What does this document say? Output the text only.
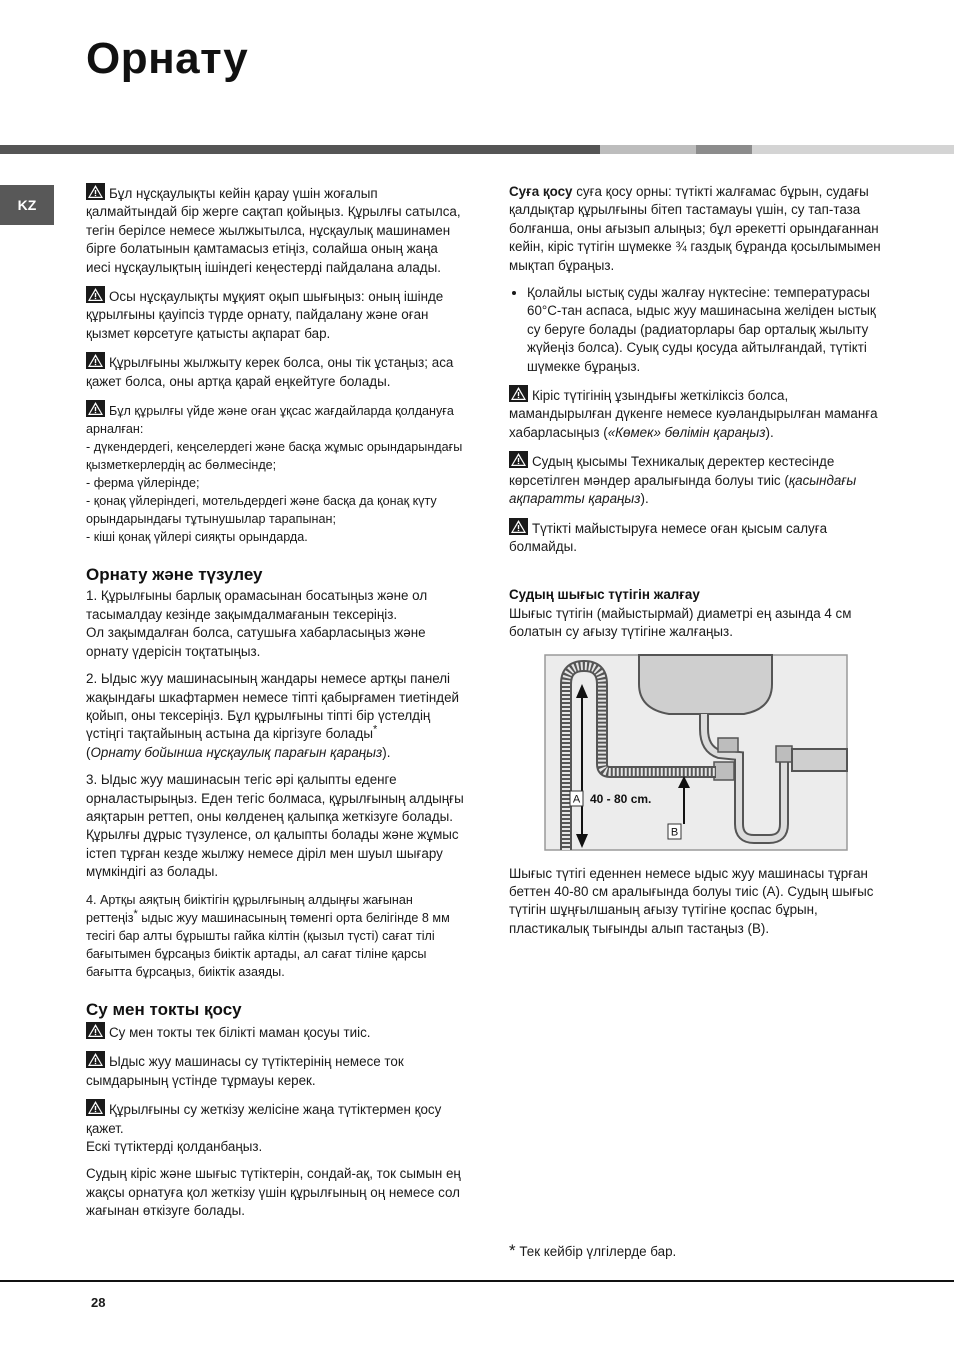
Орнату
KZ

Бұл нұсқаулықты кейін қарау үшін жоғалып қалмайтындай бір жерге сақтап қойыңыз. Құрылғы сатылса, тегін берілсе немесе жылжытылса, нұсқаулық машинамен бірге болатынын қамтамасыз етіңіз, солайша оның жаңа иесі нұсқаулықтың ішіндегі кеңестерді пайдалана алады.

Осы нұсқаулықты мұқият оқып шығыңыз: оның ішінде құрылғыны қауіпсіз түрде орнату, пайдалану және оған қызмет көрсетуге қатысты ақпарат бар.

Құрылғыны жылжыту керек болса, оны тік ұстаңыз; аса қажет болса, оны артқа қарай еңкейтуге болады.

Бұл құрылғы үйде және оған ұқсас жағдайларда қолдануға арналған:
- дүкендердегі, кеңселердегі және басқа жұмыс орындарындағы қызметкерлердің ас бөлмесінде;
- ферма үйлерінде;
- қонақ үйлеріндегі, мотельдердегі және басқа да қонақ күту орындарындағы тұтынушылар тарапынан;
- кіші қонақ үйлері сияқты орындарда.
Орнату және түзулеу

1. Құрылғыны барлық орамасынан босатыңыз және ол тасымалдау кезінде зақымдалмағанын тексеріңіз.
Ол зақымдалған болса, сатушыға хабарласыңыз және орнату үдерісін тоқтатыңыз.

2. Ыдыс жуу машинасының жандары немесе артқы панелі жақындағы шкафтармен немесе тіпті қабырғамен тиетіндей қойып, оны тексеріңіз. Бұл құрылғыны тіпті бір үстелдің үстіңгі тақтайының астына да кіргізуге болады*
(Орнату бойынша нұсқаулық парағын қараңыз).

3. Ыдыс жуу машинасын тегіс әрі қалыпты еденге орналастырыңыз. Еден тегіс болмаса, құрылғының алдыңғы аяқтарын реттеп, оны көлденең қалыпқа жеткізуге болады. Құрылғы дұрыс түзуленсе, ол қалыпты болады және жұмыс істеп тұрған кезде жылжу немесе діріл мен шуыл шығару мүмкіндігі аз болады.

4. Артқы аяқтың биіктігін құрылғының алдыңғы жағынан реттеңіз* ыдыс жуу машинасының төменгі орта белігінде 8 мм тесігі бар алты бұрышты гайка кілтін (қызыл түсті) сағат тілі бағытымен бұрсаңыз биіктік артады, ал сағат тіліне қарсы бағытта бұрсаңыз, биіктік азаяды.

Су мен токты қосу

Су мен токты тек білікті маман қосуы тиіс.

Ыдыс жуу машинасы су түтіктерінің немесе ток сымдарының үстінде тұрмауы керек.

Құрылғыны су жеткізу желісіне жаңа түтіктермен қосу қажет.
Ескі түтіктерді қолданбаңыз.

Судың кіріс және шығыс түтіктерін, сондай-ақ, ток сымын ең жақсы орнатуға қол жеткізу үшін құрылғының оң немесе сол жағынан өткізуге болады.

Суға қосу суға қосу орны: түтікті жалғамас бұрын, судағы қалдықтар құрылғыны бітеп тастамауы үшін, су тап-таза болғанша, оны ағызып алыңыз; бұл әрекетті орындағаннан кейін, кіріс түтігін шүмекке ¾ газдық бұранда қосылымымен мықтап бұраңыз.

• Қолайлы ыстық суды жалғау нүктесіне: температурасы 60°С-тан аспаса, ыдыс жуу машинасына желіден ыстық су беруге болады (радиаторлары бар орталық жылыту жүйеңіз болса). Суық суды қосуда айтылғандай, түтікті шүмекке бұраңыз.

Кіріс түтігінің ұзындығы жеткіліксіз болса, мамандырылған дүкенге немесе куәландырылған маманға хабарласыңыз («Көмек» бөлімін қараңыз).

Судың қысымы Техникалық деректер кестесінде көрсетілген мәндер аралығында болуы тиіс (қасындағы ақпаратты қараңыз).

Түтікті майыстыруға немесе оған қысым салуға болмайды.

Судың шығыс түтігін жалғау

Шығыс түтігін (майыстырмай) диаметрі ең азында 4 см болатын су ағызу түтігіне жалғаңыз.

A 40 - 80 cm.
B

Шығыс түтігі еденнен немесе ыдыс жуу машинасы тұрған беттен 40-80 см аралығында болуы тиіс (А). Судың шығыс түтігін шұңғылшаның ағызу түтігіне қоспас бұрын, пластикалық тығынды алып тастаңыз (В).

* Тек кейбір үлгілерде бар.
28
